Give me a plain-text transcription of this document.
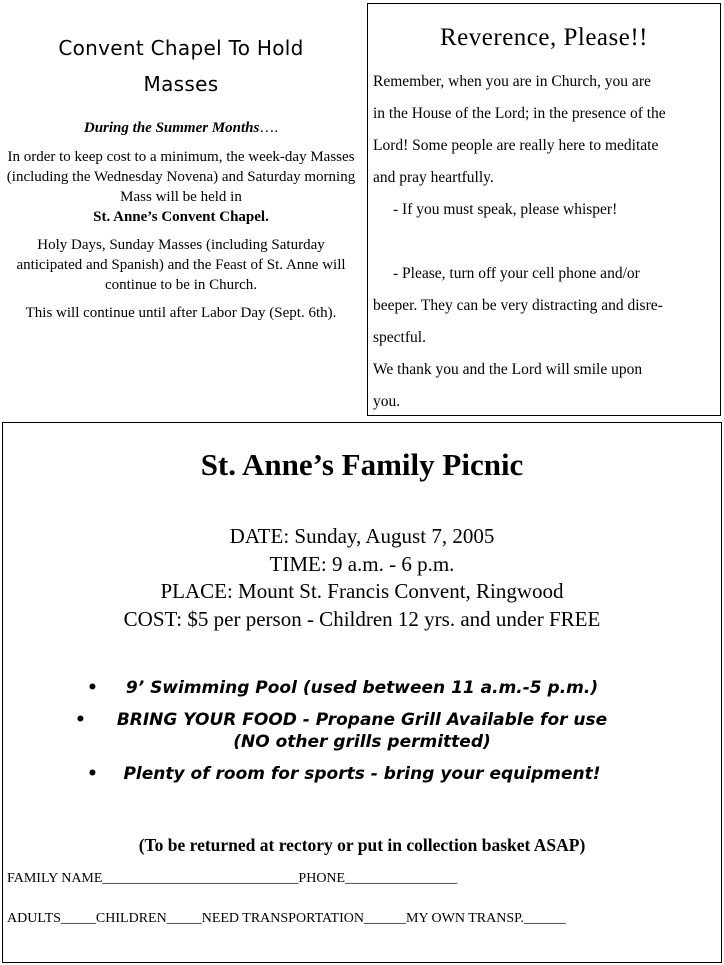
Convent Chapel To Hold
Masses
During the Summer Months….

In order to keep cost to a minimum, the week-day Masses (including the Wednesday Novena) and Saturday morning Mass will be held in
St. Anne’s Convent Chapel.

Holy Days, Sunday Masses (including Saturday anticipated and Spanish) and the Feast of St. Anne will continue to be in Church.

This will continue until after Labor Day (Sept. 6th).

Reverence, Please!!
Remember, when you are in Church, you are
in the House of the Lord; in the presence of the
Lord! Some people are really here to meditate
and pray heartfully.
- If you must speak, please whisper!
- Please, turn off your cell phone and/or
beeper. They can be very distracting and disre-
spectful.
We thank you and the Lord will smile upon
you.
St. Anne’s Family Picnic
DATE: Sunday, August 7, 2005
TIME: 9 a.m. - 6 p.m.
PLACE: Mount St. Francis Convent, Ringwood
COST: $5 per person - Children 12 yrs. and under FREE
• 9’ Swimming Pool (used between 11 a.m.-5 p.m.)
• BRING YOUR FOOD - Propane Grill Available for use
(NO other grills permitted)
• Plenty of room for sports - bring your equipment!
(To be returned at rectory or put in collection basket ASAP)
FAMILY NAME____________________________PHONE________________
ADULTS_____CHILDREN_____NEED TRANSPORTATION______MY OWN TRANSP.______
